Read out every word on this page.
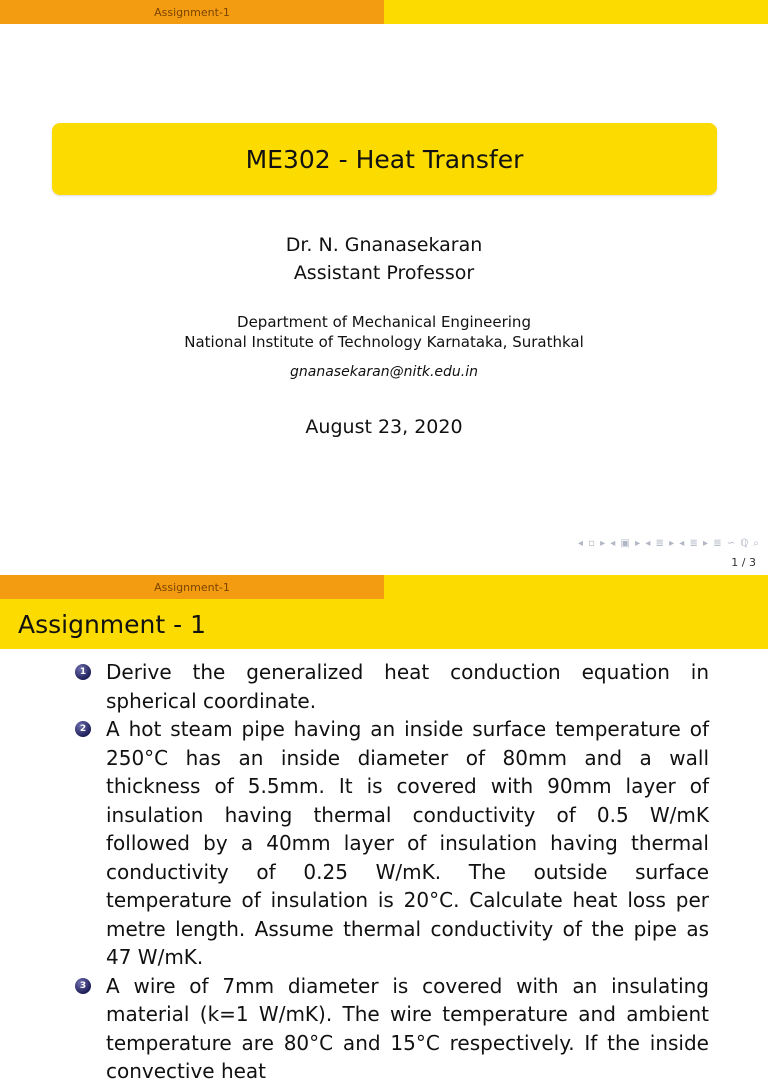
Assignment-1
ME302 - Heat Transfer
Dr. N. Gnanasekaran
Assistant Professor
Department of Mechanical Engineering
National Institute of Technology Karnataka, Surathkal
gnanasekaran@nitk.edu.in
August 23, 2020
◂ ▫ ▸ ◂ ▣ ▸ ◂ ≣ ▸ ◂ ≣ ▸ ≣ ∽ ℚ ⌕
1 / 3
Assignment-1
Assignment - 1
1 Derive the generalized heat conduction equation in spherical coordinate.
2 A hot steam pipe having an inside surface temperature of 250°C has an inside diameter of 80mm and a wall thickness of 5.5mm. It is covered with 90mm layer of insulation having thermal conductivity of 0.5 W/mK followed by a 40mm layer of insulation having thermal conductivity of 0.25 W/mK. The outside surface temperature of insulation is 20°C. Calculate heat loss per metre length. Assume thermal conductivity of the pipe as 47 W/mK.
3 A wire of 7mm diameter is covered with an insulating material (k=1 W/mK). The wire temperature and ambient temperature are 80°C and 15°C respectively. If the inside convective heat
